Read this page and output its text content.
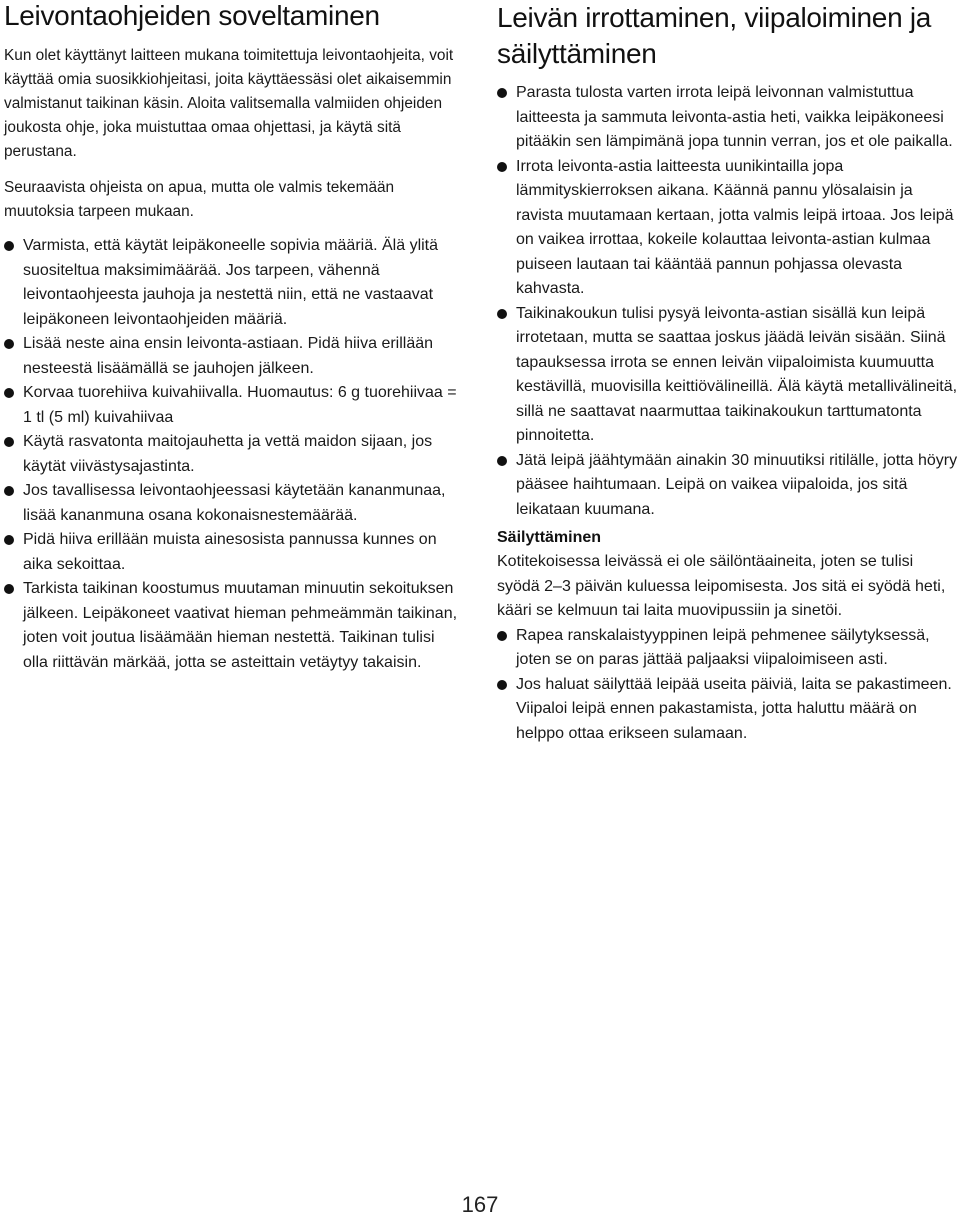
Leivontaohjeiden soveltaminen

Kun olet käyttänyt laitteen mukana toimitettuja leivontaohjeita, voit käyttää omia suosikkiohjeitasi, joita käyttäessäsi olet aikaisemmin valmistanut taikinan käsin. Aloita valitsemalla valmiiden ohjeiden joukosta ohje, joka muistuttaa omaa ohjettasi, ja käytä sitä perustana.

Seuraavista ohjeista on apua, mutta ole valmis tekemään muutoksia tarpeen mukaan.

Varmista, että käytät leipäkoneelle sopivia määriä. Älä ylitä suositeltua maksimimäärää. Jos tarpeen, vähennä leivontaohjeesta jauhoja ja nestettä niin, että ne vastaavat leipäkoneen leivontaohjeiden määriä.
Lisää neste aina ensin leivonta-astiaan. Pidä hiiva erillään nesteestä lisäämällä se jauhojen jälkeen.
Korvaa tuorehiiva kuivahiivalla. Huomautus: 6 g tuorehiivaa = 1 tl (5 ml) kuivahiivaa
Käytä rasvatonta maitojauhetta ja vettä maidon sijaan, jos käytät viivästysajastinta.
Jos tavallisessa leivontaohjeessasi käytetään kananmunaa, lisää kananmuna osana kokonaisnestemäärää.
Pidä hiiva erillään muista ainesosista pannussa kunnes on aika sekoittaa.
Tarkista taikinan koostumus muutaman minuutin sekoituksen jälkeen. Leipäkoneet vaativat hieman pehmeämmän taikinan, joten voit joutua lisäämään hieman nestettä. Taikinan tulisi olla riittävän märkää, jotta se asteittain vetäytyy takaisin.
Leivän irrottaminen, viipaloiminen ja säilyttäminen
Parasta tulosta varten irrota leipä leivonnan valmistuttua laitteesta ja sammuta leivonta-astia heti, vaikka leipäkoneesi pitääkin sen lämpimänä jopa tunnin verran, jos et ole paikalla.
Irrota leivonta-astia laitteesta uunikintailla jopa lämmityskierroksen aikana. Käännä pannu ylösalaisin ja ravista muutamaan kertaan, jotta valmis leipä irtoaa. Jos leipä on vaikea irrottaa, kokeile kolauttaa leivonta-astian kulmaa puiseen lautaan tai kääntää pannun pohjassa olevasta kahvasta.
Taikinakoukun tulisi pysyä leivonta-astian sisällä kun leipä irrotetaan, mutta se saattaa joskus jäädä leivän sisään. Siinä tapauksessa irrota se ennen leivän viipaloimista kuumuutta kestävillä, muovisilla keittiövälineillä. Älä käytä metallivälineitä, sillä ne saattavat naarmuttaa taikinakoukun tarttumatonta pinnoitetta.
Jätä leipä jäähtymään ainakin 30 minuutiksi ritilälle, jotta höyry pääsee haihtumaan. Leipä on vaikea viipaloida, jos sitä leikataan kuumana.
Säilyttäminen

Kotitekoisessa leivässä ei ole säilöntäaineita, joten se tulisi syödä 2–3 päivän kuluessa leipomisesta. Jos sitä ei syödä heti, kääri se kelmuun tai laita muovipussiin ja sinetöi.

Rapea ranskalaistyyppinen leipä pehmenee säilytyksessä, joten se on paras jättää paljaaksi viipaloimiseen asti.
Jos haluat säilyttää leipää useita päiviä, laita se pakastimeen. Viipaloi leipä ennen pakastamista, jotta haluttu määrä on helppo ottaa erikseen sulamaan.
167
